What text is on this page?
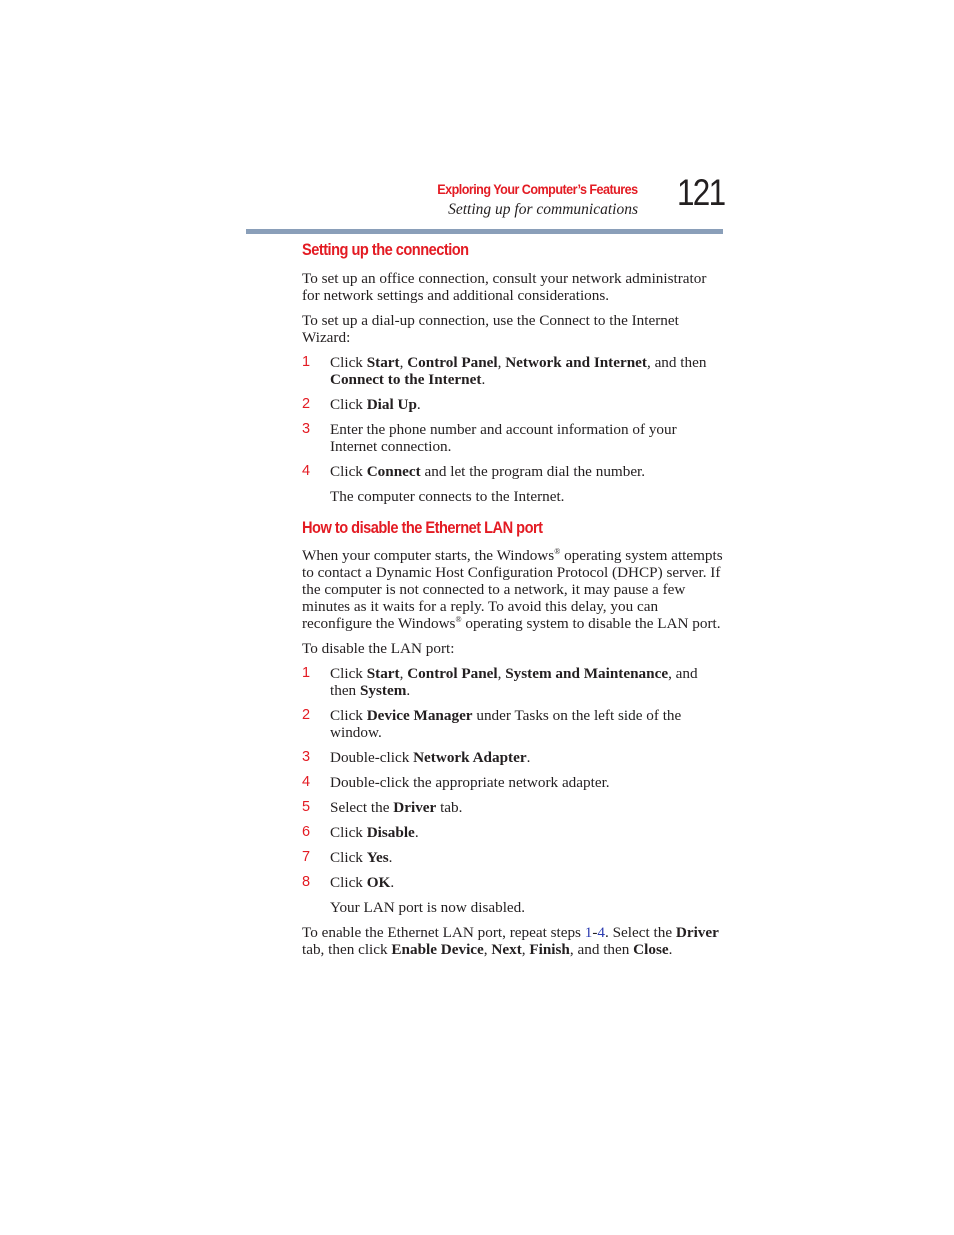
Exploring Your Computer’s Features
Setting up for communications 121
Setting up the connection

To set up an office connection, consult your network administrator for network settings and additional considerations.

To set up a dial-up connection, use the Connect to the Internet Wizard:

1	Click Start, Control Panel, Network and Internet, and then Connect to the Internet.
2	Click Dial Up.
3	Enter the phone number and account information of your Internet connection.
4	Click Connect and let the program dial the number.

The computer connects to the Internet.

How to disable the Ethernet LAN port

When your computer starts, the Windows® operating system attempts to contact a Dynamic Host Configuration Protocol (DHCP) server. If the computer is not connected to a network, it may pause a few minutes as it waits for a reply. To avoid this delay, you can reconfigure the Windows® operating system to disable the LAN port.

To disable the LAN port:

1	Click Start, Control Panel, System and Maintenance, and then System.
2	Click Device Manager under Tasks on the left side of the window.
3	Double-click Network Adapter.
4	Double-click the appropriate network adapter.
5	Select the Driver tab.
6	Click Disable.
7	Click Yes.
8	Click OK.

Your LAN port is now disabled.

To enable the Ethernet LAN port, repeat steps 1-4. Select the Driver tab, then click Enable Device, Next, Finish, and then Close.
